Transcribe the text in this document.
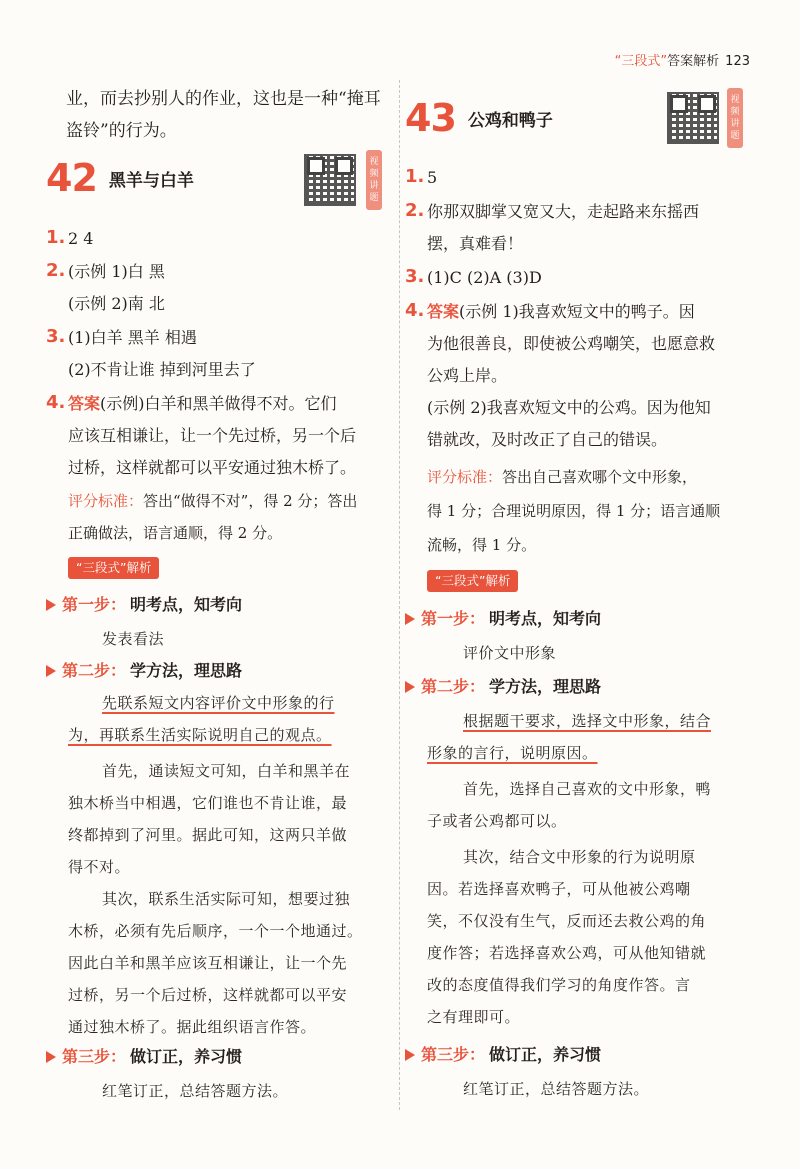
“三段式”答案解析 123
业，而去抄别人的作业，这也是一种“掩耳
盗铃”的行为。
42 黑羊与白羊
视频讲题
1. 2 4
2. (示例 1)白 黑
(示例 2)南 北
3. (1)白羊 黑羊 相遇
(2)不肯让谁 掉到河里去了
4. 答案(示例)白羊和黑羊做得不对。它们
应该互相谦让，让一个先过桥，另一个后
过桥，这样就都可以平安通过独木桥了。
评分标准：答出“做得不对”，得 2 分；答出
正确做法，语言通顺，得 2 分。
“三段式”解析
第一步： 明考点，知考向
发表看法
第二步： 学方法，理思路
先联系短文内容评价文中形象的行
为，再联系生活实际说明自己的观点。
首先，通读短文可知，白羊和黑羊在
独木桥当中相遇，它们谁也不肯让谁，最
终都掉到了河里。据此可知，这两只羊做
得不对。
其次，联系生活实际可知，想要过独
木桥，必须有先后顺序，一个一个地通过。
因此白羊和黑羊应该互相谦让，让一个先
过桥，另一个后过桥，这样就都可以平安
通过独木桥了。据此组织语言作答。
第三步： 做订正，养习惯
红笔订正，总结答题方法。
43 公鸡和鸭子
视频讲题
1. 5
2. 你那双脚掌又宽又大，走起路来东摇西
摆，真难看！
3. (1)C (2)A (3)D
4. 答案(示例 1)我喜欢短文中的鸭子。因
为他很善良，即使被公鸡嘲笑，也愿意救
公鸡上岸。
(示例 2)我喜欢短文中的公鸡。因为他知
错就改，及时改正了自己的错误。
评分标准：答出自己喜欢哪个文中形象，
得 1 分；合理说明原因，得 1 分；语言通顺
流畅，得 1 分。
“三段式”解析
第一步： 明考点，知考向
评价文中形象
第二步： 学方法，理思路
根据题干要求，选择文中形象，结合
形象的言行，说明原因。
首先，选择自己喜欢的文中形象，鸭
子或者公鸡都可以。
其次，结合文中形象的行为说明原
因。若选择喜欢鸭子，可从他被公鸡嘲
笑，不仅没有生气，反而还去救公鸡的角
度作答；若选择喜欢公鸡，可从他知错就
改的态度值得我们学习的角度作答。言
之有理即可。
第三步： 做订正，养习惯
红笔订正，总结答题方法。
